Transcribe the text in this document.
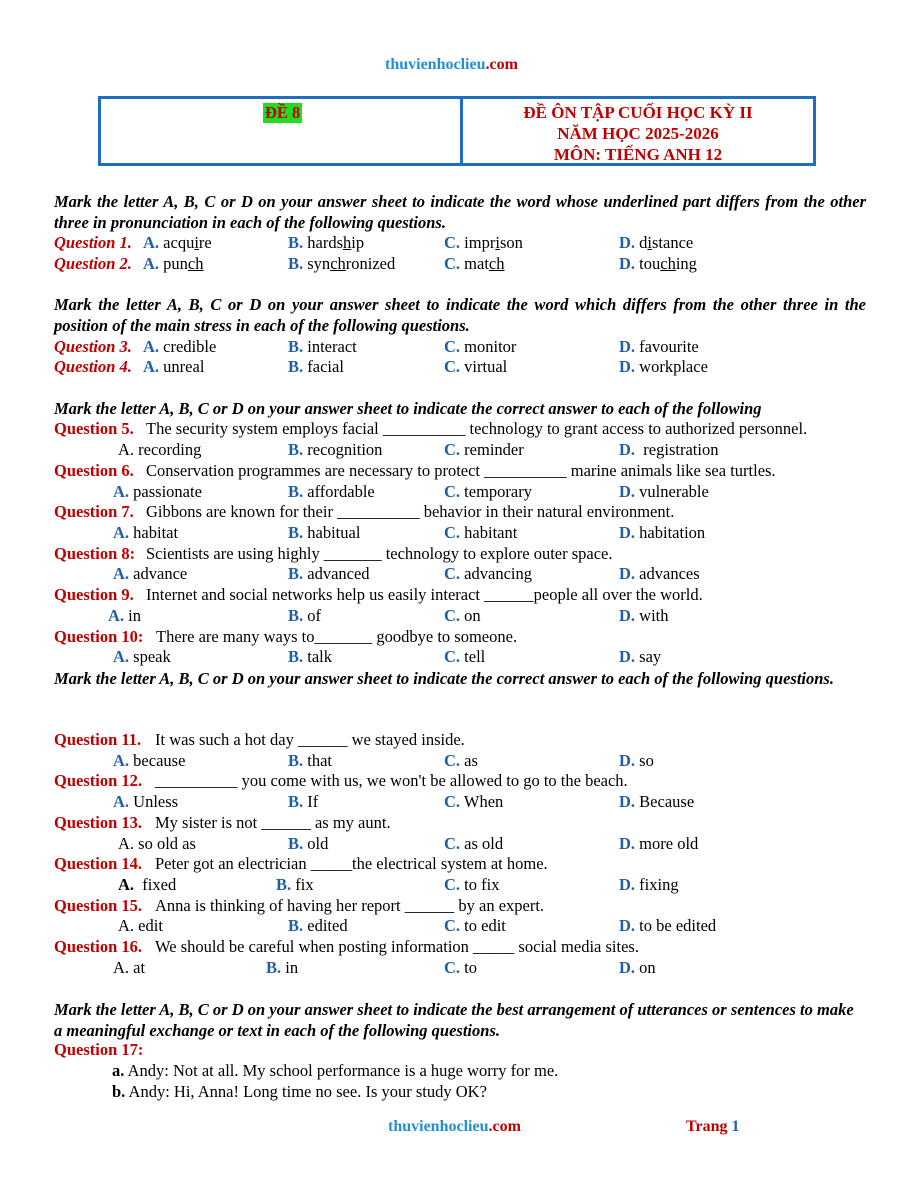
thuvienhoclieu.com
ĐỀ 8	ĐỀ ÔN TẬP CUỐI HỌC KỲ II
NĂM HỌC 2025-2026
MÔN: TIẾNG ANH 12
Mark the letter A, B, C or D on your answer sheet to indicate the word whose underlined part differs from the other three in pronunciation in each of the following questions.
Question 1. A. acquire	B. hardship	C. imprison	D. distance
Question 2. A. punch	B. synchronized	C. match	D. touching
Mark the letter A, B, C or D on your answer sheet to indicate the word which differs from the other three in the position of the main stress in each of the following questions.
Question 3. A. credible	B. interact	C. monitor	D. favourite
Question 4. A. unreal	B. facial	C. virtual	D. workplace
Mark the letter A, B, C or D on your answer sheet to indicate the correct answer to each of the following
Question 5. The security system employs facial __________ technology to grant access to authorized personnel.
A. recording	B. recognition	C. reminder	D. registration
Question 6. Conservation programmes are necessary to protect __________ marine animals like sea turtles.
A. passionate	B. affordable	C. temporary	D. vulnerable
Question 7. Gibbons are known for their __________ behavior in their natural environment.
A. habitat	B. habitual	C. habitant	D. habitation
Question 8: Scientists are using highly _______ technology to explore outer space.
A. advance	B. advanced	C. advancing	D. advances
Question 9. Internet and social networks help us easily interact ______people all over the world.
A. in	B. of	C. on	D. with
Question 10: There are many ways to_______ goodbye to someone.
A. speak	B. talk	C. tell	D. say
Mark the letter A, B, C or D on your answer sheet to indicate the correct answer to each of the following questions.
Question 11. It was such a hot day ______ we stayed inside.
A. because	B. that	C. as	D. so
Question 12. __________ you come with us, we won't be allowed to go to the beach.
A. Unless	B. If	C. When	D. Because
Question 13. My sister is not ______ as my aunt.
A. so old as	B. old	C. as old	D. more old
Question 14. Peter got an electrician _____the electrical system at home.
A. fixed	B. fix	C. to fix	D. fixing
Question 15. Anna is thinking of having her report ______ by an expert.
A. edit	B. edited	C. to edit	D. to be edited
Question 16. We should be careful when posting information _____ social media sites.
A. at	B. in	C. to	D. on
Mark the letter A, B, C or D on your answer sheet to indicate the best arrangement of utterances or sentences to make a meaningful exchange or text in each of the following questions.
Question 17:
a. Andy: Not at all. My school performance is a huge worry for me.
b. Andy: Hi, Anna! Long time no see. Is your study OK?
thuvienhoclieu.com	Trang 1
